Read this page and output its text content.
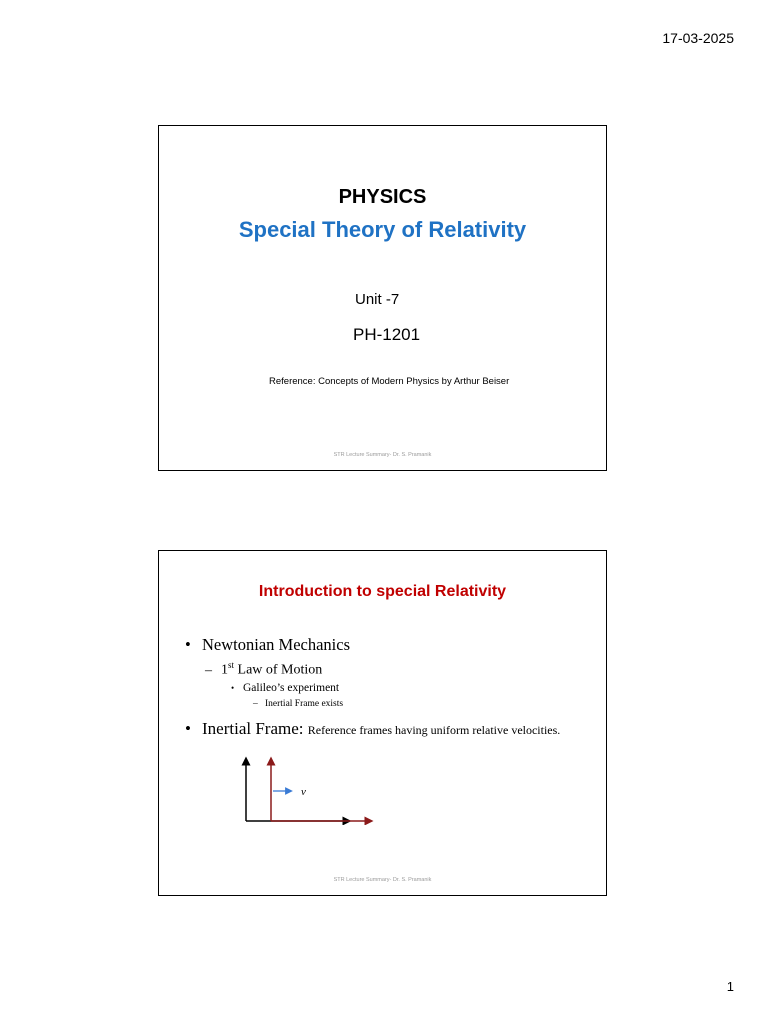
17-03-2025
PHYSICS
Special Theory of Relativity
Unit -7
PH-1201
Reference: Concepts of Modern Physics by Arthur Beiser
STR Lecture Summary- Dr. S. Pramanik
Introduction to special Relativity
• Newtonian Mechanics
– 1st Law of Motion
• Galileo’s experiment
– Inertial Frame exists
• Inertial Frame: Reference frames having uniform relative velocities.
v
STR Lecture Summary- Dr. S. Pramanik
1
